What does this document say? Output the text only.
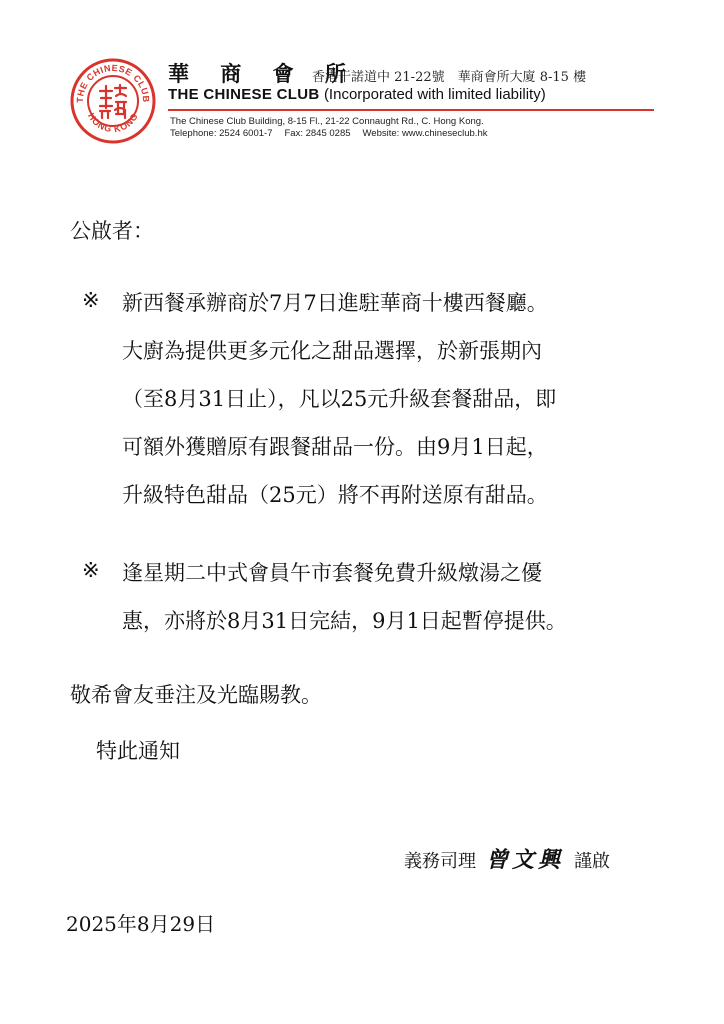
THE CHINESE CLUB
HONG KONG
華 商 會 所
香港干諾道中 21-22號　華商會所大廈 8-15 樓
THE CHINESE CLUB (Incorporated with limited liability)
The Chinese Club Building, 8-15 Fl., 21-22 Connaught Rd., C. Hong Kong.
Telephone: 2524 6001-7 Fax: 2845 0285 Website: www.chineseclub.hk
公啟者：
※ 新西餐承辦商於7月7日進駐華商十樓西餐廳。
大廚為提供更多元化之甜品選擇，於新張期內
（至8月31日止），凡以25元升級套餐甜品，即
可額外獲贈原有跟餐甜品一份。由9月1日起，
升級特色甜品（25元）將不再附送原有甜品。
※ 逢星期二中式會員午市套餐免費升級燉湯之優
惠，亦將於8月31日完結，9月1日起暫停提供。
敬希會友垂注及光臨賜教。
特此通知
義務司理 曾文興 謹啟
2025年8月29日
